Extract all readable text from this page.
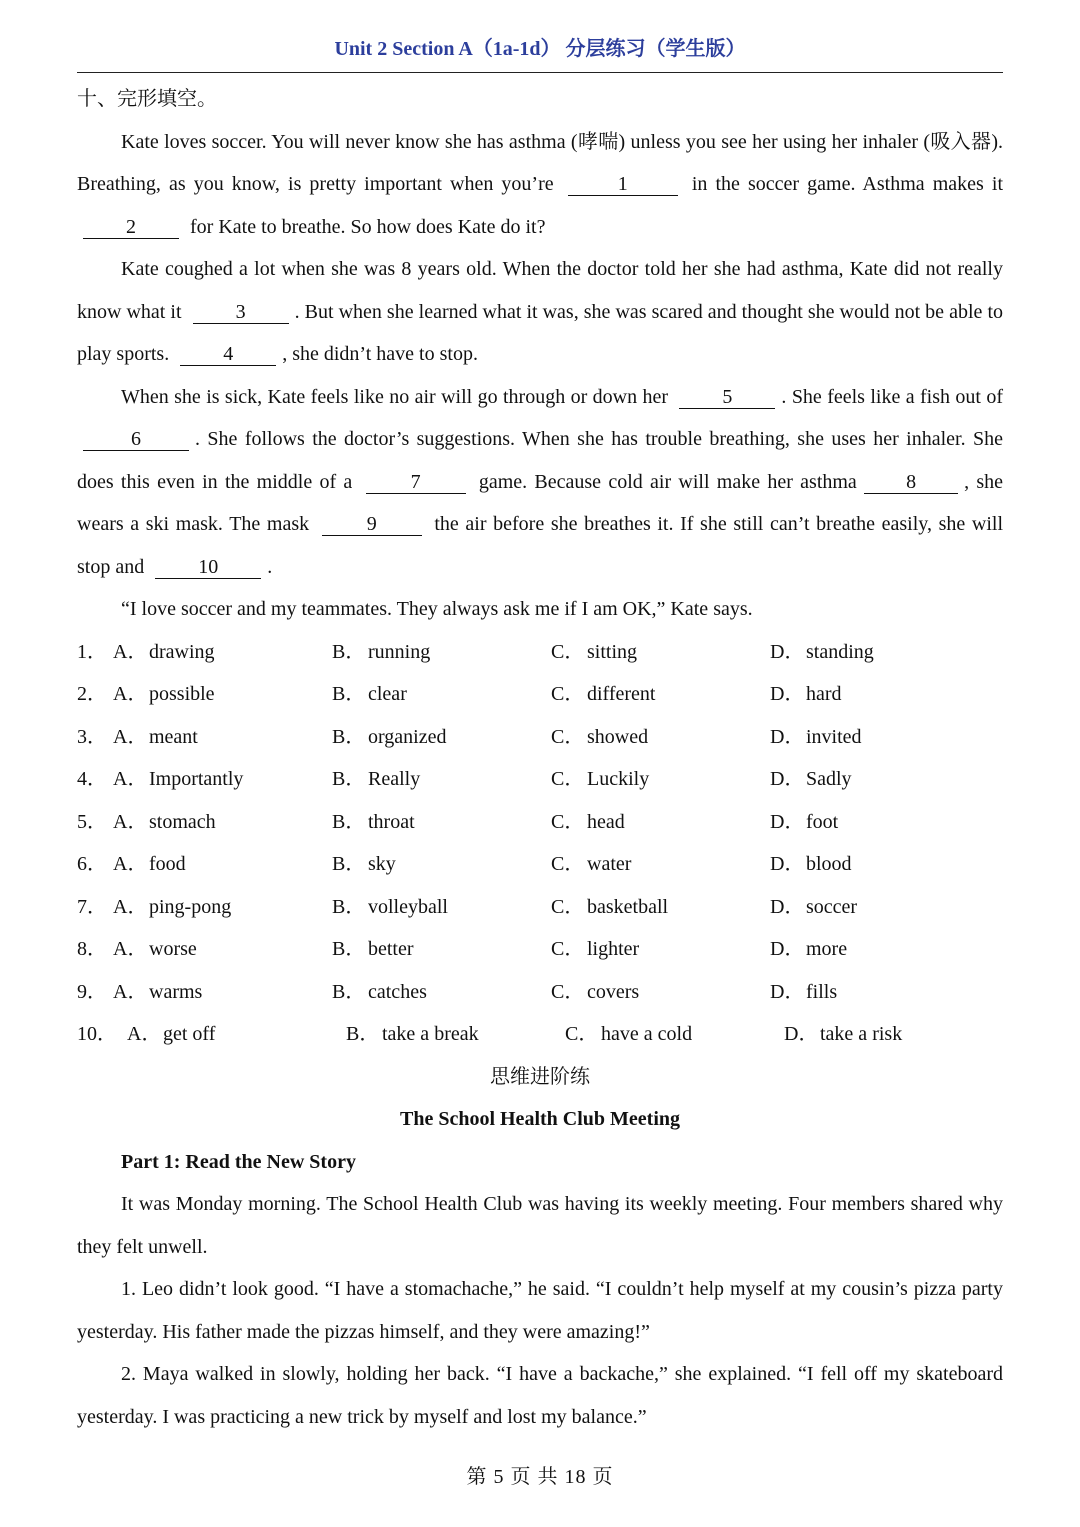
Unit 2 Section A（1a-1d） 分层练习（学生版）

十、完形填空。

Kate loves soccer. You will never know she has asthma (哮喘) unless you see her using her inhaler (吸入器). Breathing, as you know, is pretty important when you’re	1	in the soccer game. Asthma makes it 2	for Kate to breathe. So how does Kate do it?

Kate coughed a lot when she was 8 years old. When the doctor told her she had asthma, Kate did not really know what it	3 . But when she learned what it was, she was scared and thought she would not be able to play sports.	4 , she didn’t have to stop.

When she is sick, Kate feels like no air will go through or down her	5 . She feels like a fish out of 6	. She follows the doctor’s suggestions. When she has trouble breathing, she uses her inhaler. She does this even in the middle of a	7	game. Because cold air will make her asthma 8 , she wears a ski mask. The mask	9	the air before she breathes it. If she still can’t breathe easily, she will stop and	10 .

“I love soccer and my teammates. They always ask me if I am OK,” Kate says.

1． A． drawing	B． running	C． sitting	D． standing
2． A． possible	B． clear	C． different	D． hard
3． A． meant	B． organized	C． showed	D． invited
4． A． Importantly	B． Really	C． Luckily	D． Sadly
5． A． stomach	B． throat	C． head	D． foot
6． A． food	B． sky	C． water	D． blood
7． A． ping-pong	B． volleyball	C． basketball	D． soccer
8． A． worse	B． better	C． lighter	D． more
9． A． warms	B． catches	C． covers	D． fills
10． A． get off	B． take a break	C． have a cold	D． take a risk

思维进阶练

The School Health Club Meeting

Part 1: Read the New Story

It was Monday morning. The School Health Club was having its weekly meeting. Four members shared why they felt unwell.

1. Leo didn’t look good. “I have a stomachache,” he said. “I couldn’t help myself at my cousin’s pizza party yesterday. His father made the pizzas himself, and they were amazing!”

2. Maya walked in slowly, holding her back. “I have a backache,” she explained. “I fell off my skateboard yesterday. I was practicing a new trick by myself and lost my balance.”

第 5 页 共 18 页
